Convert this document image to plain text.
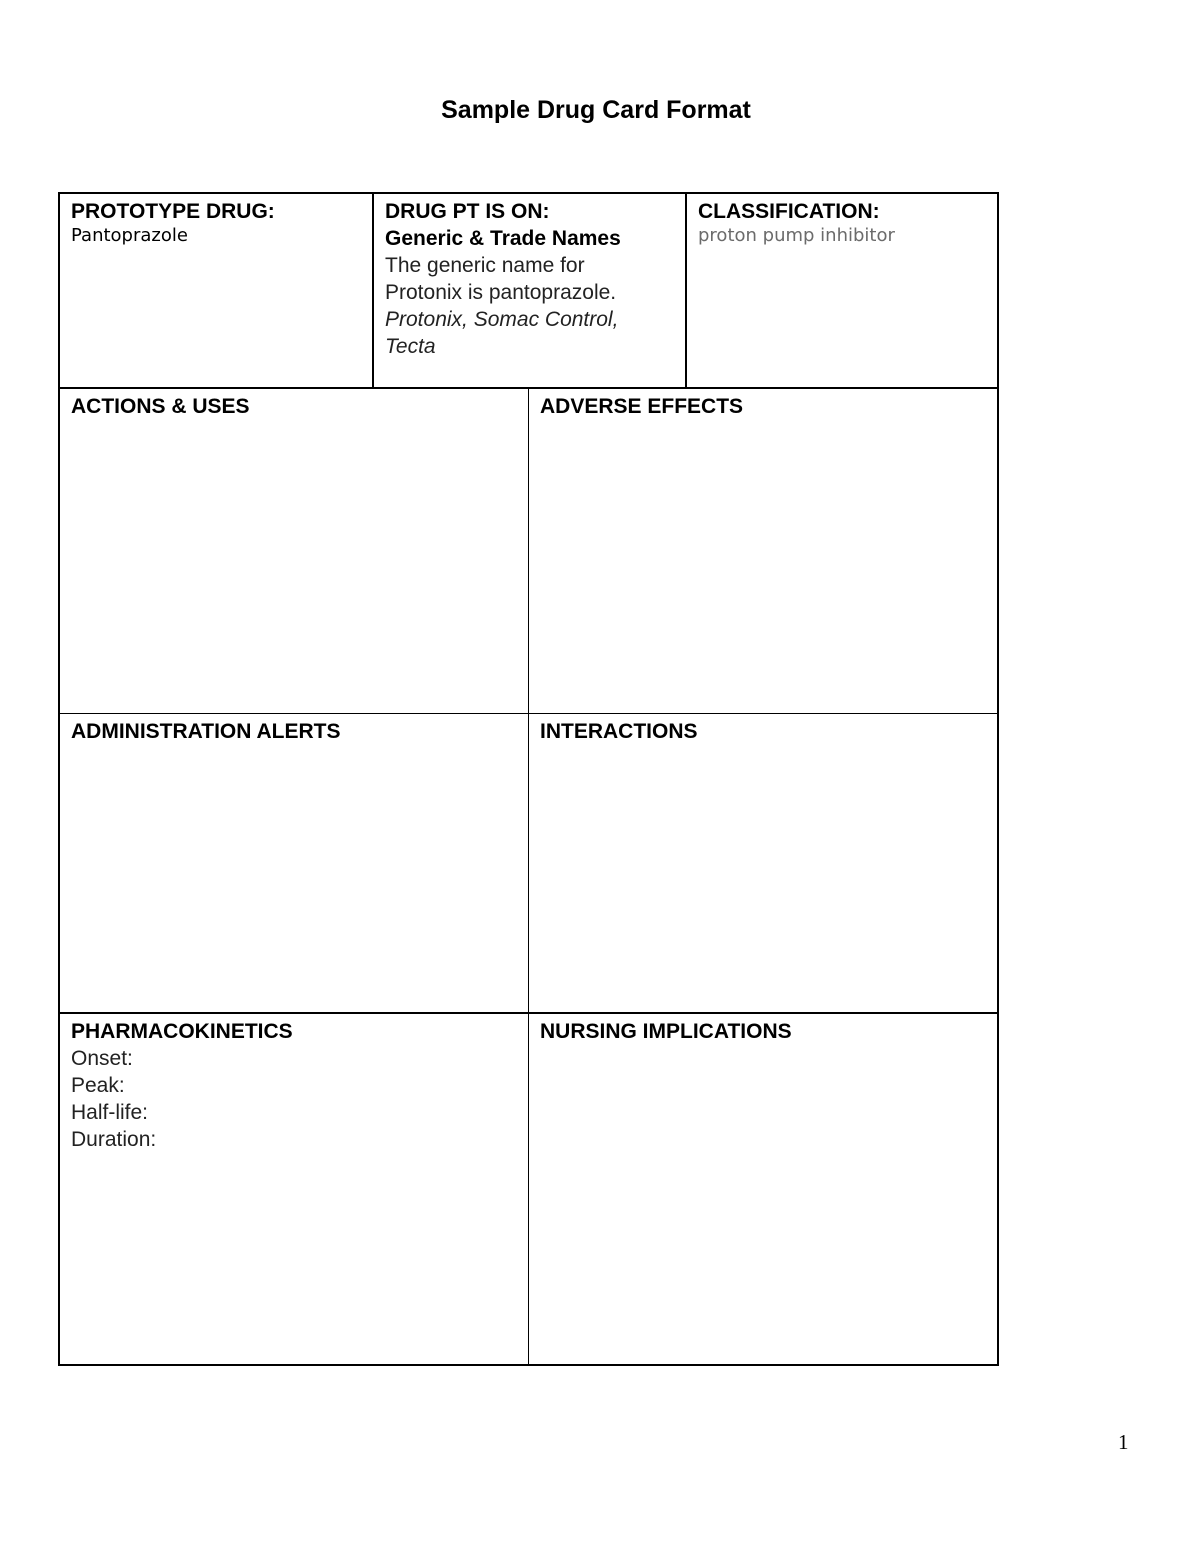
Sample Drug Card Format
PROTOTYPE DRUG:
Pantoprazole
DRUG PT IS ON:
Generic & Trade Names
The generic name for
Protonix is pantoprazole.
Protonix, Somac Control,
Tecta
CLASSIFICATION:
proton pump inhibitor
ACTIONS & USES	ADVERSE EFFECTS
ADMINISTRATION ALERTS	INTERACTIONS
PHARMACOKINETICS
Onset:
Peak:
Half-life:
Duration:
NURSING IMPLICATIONS
1
